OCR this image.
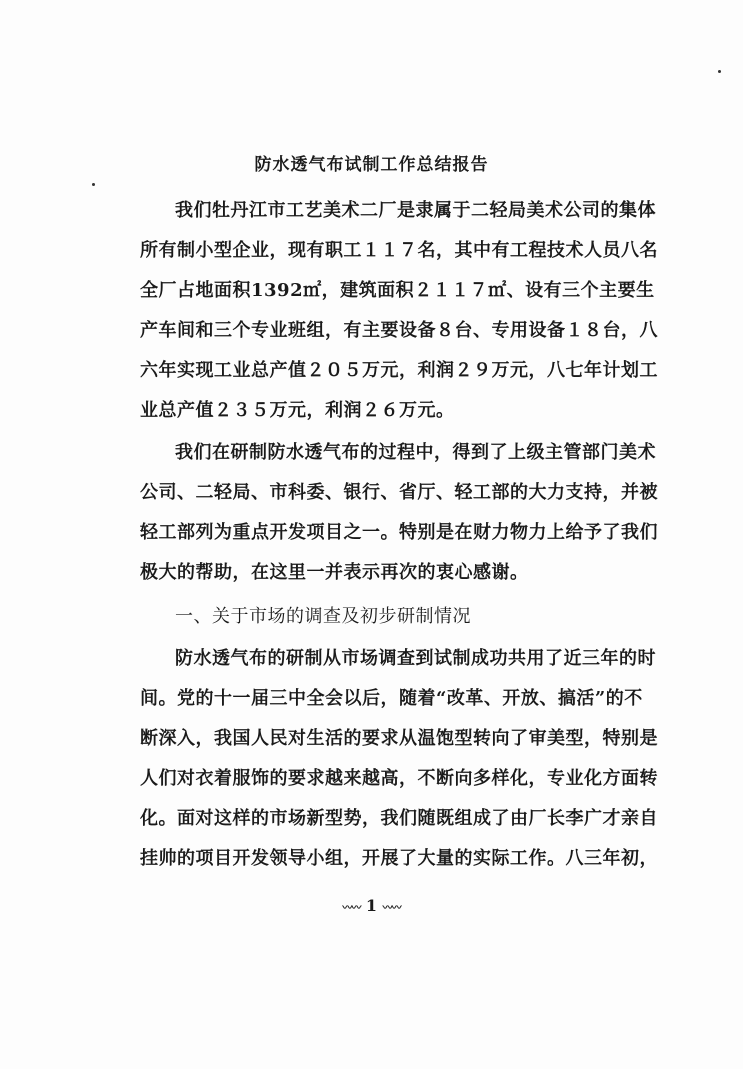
防水透气布试制工作总结报告
我们牡丹江市工艺美术二厂是隶属于二轻局美术公司的集体
所有制小型企业，现有职工１１７名，其中有工程技术人员八名
全厂占地面积1392㎡，建筑面积２１１７㎡、设有三个主要生
产车间和三个专业班组，有主要设备８台、专用设备１８台，八
六年实现工业总产值２０５万元，利润２９万元，八七年计划工
业总产值２３５万元，利润２６万元。
我们在研制防水透气布的过程中，得到了上级主管部门美术
公司、二轻局、市科委、银行、省厅、轻工部的大力支持，并被
轻工部列为重点开发项目之一。特别是在财力物力上给予了我们
极大的帮助，在这里一并表示再次的衷心感谢。
一、关于市场的调查及初步研制情况
防水透气布的研制从市场调查到试制成功共用了近三年的时
间。党的十一届三中全会以后，随着“改革、开放、搞活”的不
断深入，我国人民对生活的要求从温饱型转向了审美型，特别是
人们对衣着服饰的要求越来越高，不断向多样化，专业化方面转
化。面对这样的市场新型势，我们随既组成了由厂长李广才亲自
挂帅的项目开发领导小组，开展了大量的实际工作。八三年初，
〰〰 1 〰〰
